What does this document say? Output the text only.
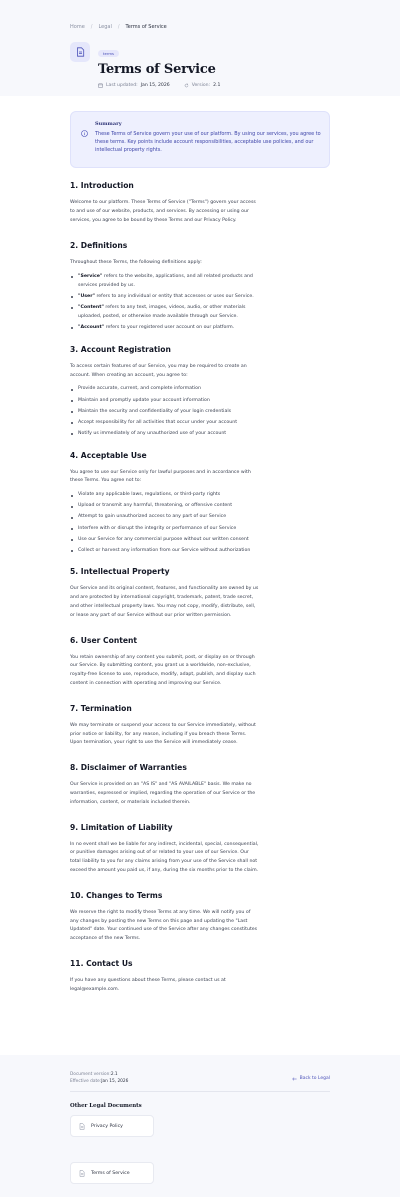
Home / Legal / Terms of Service
terms
Terms of Service
Last updated: Jan 15, 2026	Version: 2.1
Summary

These Terms of Service govern your use of our platform. By using our services, you agree to these terms. Key points include account responsibilities, acceptable use policies, and our intellectual property rights.

1. Introduction

Welcome to our platform. These Terms of Service ("Terms") govern your access to and use of our website, products, and services. By accessing or using our services, you agree to be bound by these Terms and our Privacy Policy.

2. Definitions

Throughout these Terms, the following definitions apply:

"Service" refers to the website, applications, and all related products and services provided by us.
"User" refers to any individual or entity that accesses or uses our Service.
"Content" refers to any text, images, videos, audio, or other materials uploaded, posted, or otherwise made available through our Service.
"Account" refers to your registered user account on our platform.
3. Account Registration

To access certain features of our Service, you may be required to create an account. When creating an account, you agree to:

Provide accurate, current, and complete information
Maintain and promptly update your account information
Maintain the security and confidentiality of your login credentials
Accept responsibility for all activities that occur under your account
Notify us immediately of any unauthorized use of your account
4. Acceptable Use

You agree to use our Service only for lawful purposes and in accordance with these Terms. You agree not to:

Violate any applicable laws, regulations, or third-party rights
Upload or transmit any harmful, threatening, or offensive content
Attempt to gain unauthorized access to any part of our Service
Interfere with or disrupt the integrity or performance of our Service
Use our Service for any commercial purpose without our written consent
Collect or harvest any information from our Service without authorization
5. Intellectual Property

Our Service and its original content, features, and functionality are owned by us and are protected by international copyright, trademark, patent, trade secret, and other intellectual property laws. You may not copy, modify, distribute, sell, or lease any part of our Service without our prior written permission.

6. User Content

You retain ownership of any content you submit, post, or display on or through our Service. By submitting content, you grant us a worldwide, non-exclusive, royalty-free license to use, reproduce, modify, adapt, publish, and display such content in connection with operating and improving our Service.

7. Termination

We may terminate or suspend your access to our Service immediately, without prior notice or liability, for any reason, including if you breach these Terms. Upon termination, your right to use the Service will immediately cease.

8. Disclaimer of Warranties

Our Service is provided on an "AS IS" and "AS AVAILABLE" basis. We make no warranties, expressed or implied, regarding the operation of our Service or the information, content, or materials included therein.

9. Limitation of Liability

In no event shall we be liable for any indirect, incidental, special, consequential, or punitive damages arising out of or related to your use of our Service. Our total liability to you for any claims arising from your use of the Service shall not exceed the amount you paid us, if any, during the six months prior to the claim.

10. Changes to Terms

We reserve the right to modify these Terms at any time. We will notify you of any changes by posting the new Terms on this page and updating the "Last Updated" date. Your continued use of the Service after any changes constitutes acceptance of the new Terms.

11. Contact Us

If you have any questions about these Terms, please contact us at legal@example.com.

Document version:2.1
Effective date:Jan 15, 2026	Back to Legal
Other Legal Documents
Privacy Policy
Terms of Service
